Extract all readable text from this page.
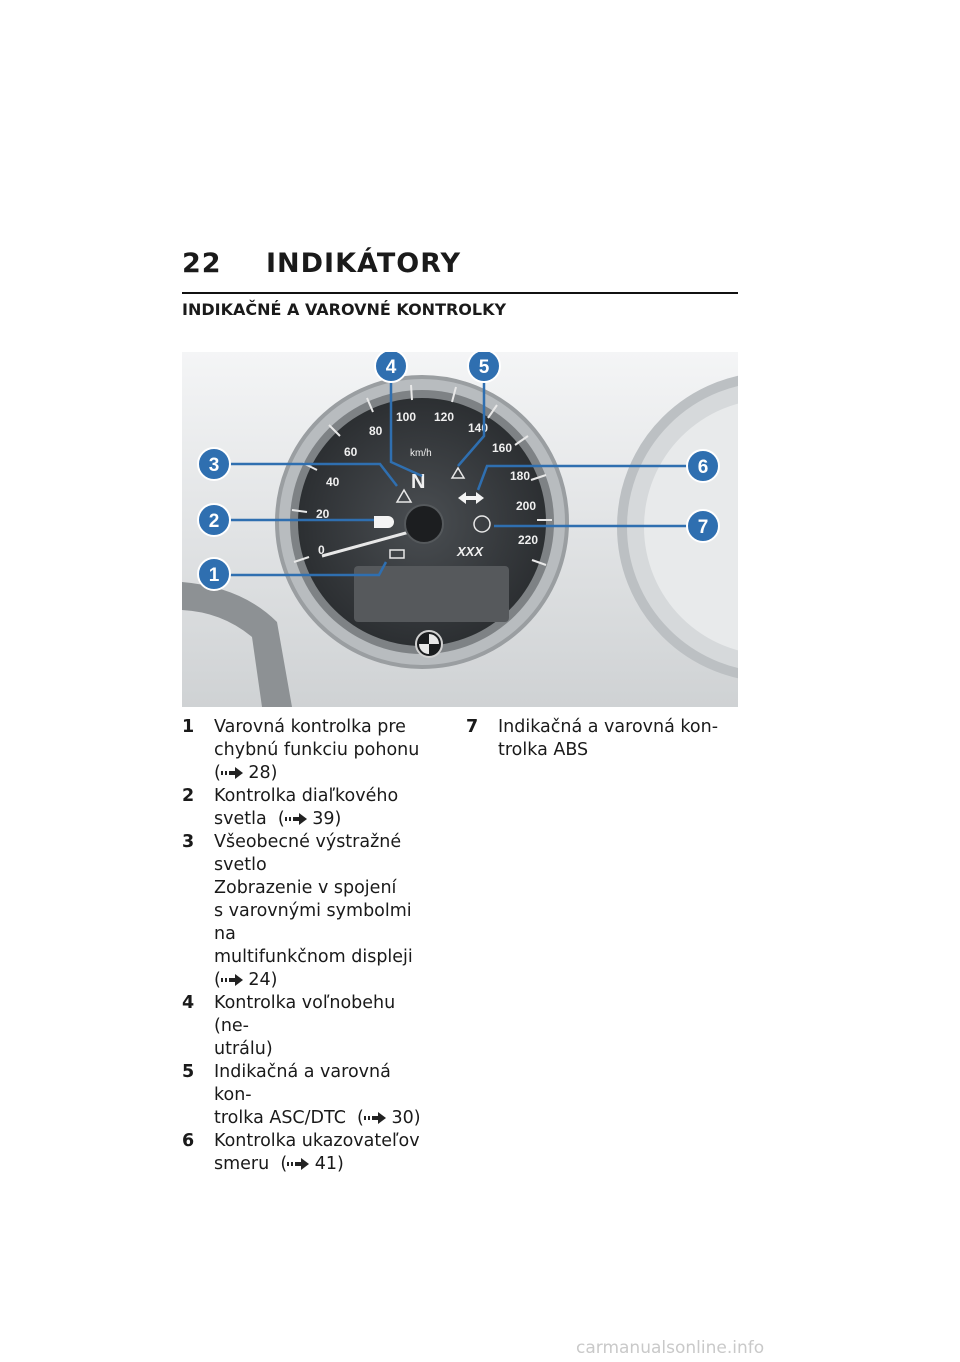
22 INDIKÁTORY
INDIKAČNÉ A VAROVNÉ KONTROLKY
0
20
40
60
80
100 120
140
160
180
200
220
km/h
N
XXX
1
2
3
4	5
6
7
1 Varovná kontrolka pre
chybnú funkciu pohonu
( 28)
2 Kontrolka diaľkového
svetla  ( 39)
3 Všeobecné výstražné
svetlo
Zobrazenie v spojení
s varovnými symbolmi na
multifunkčnom displeji
( 24)
4 Kontrolka voľnobehu (ne-
utrálu)
5 Indikačná a varovná kon-
trolka ASC/DTC  ( 30)
6 Kontrolka ukazovateľov
smeru  ( 41)
7 Indikačná a varovná kon-
trolka ABS
carmanualsonline.info
